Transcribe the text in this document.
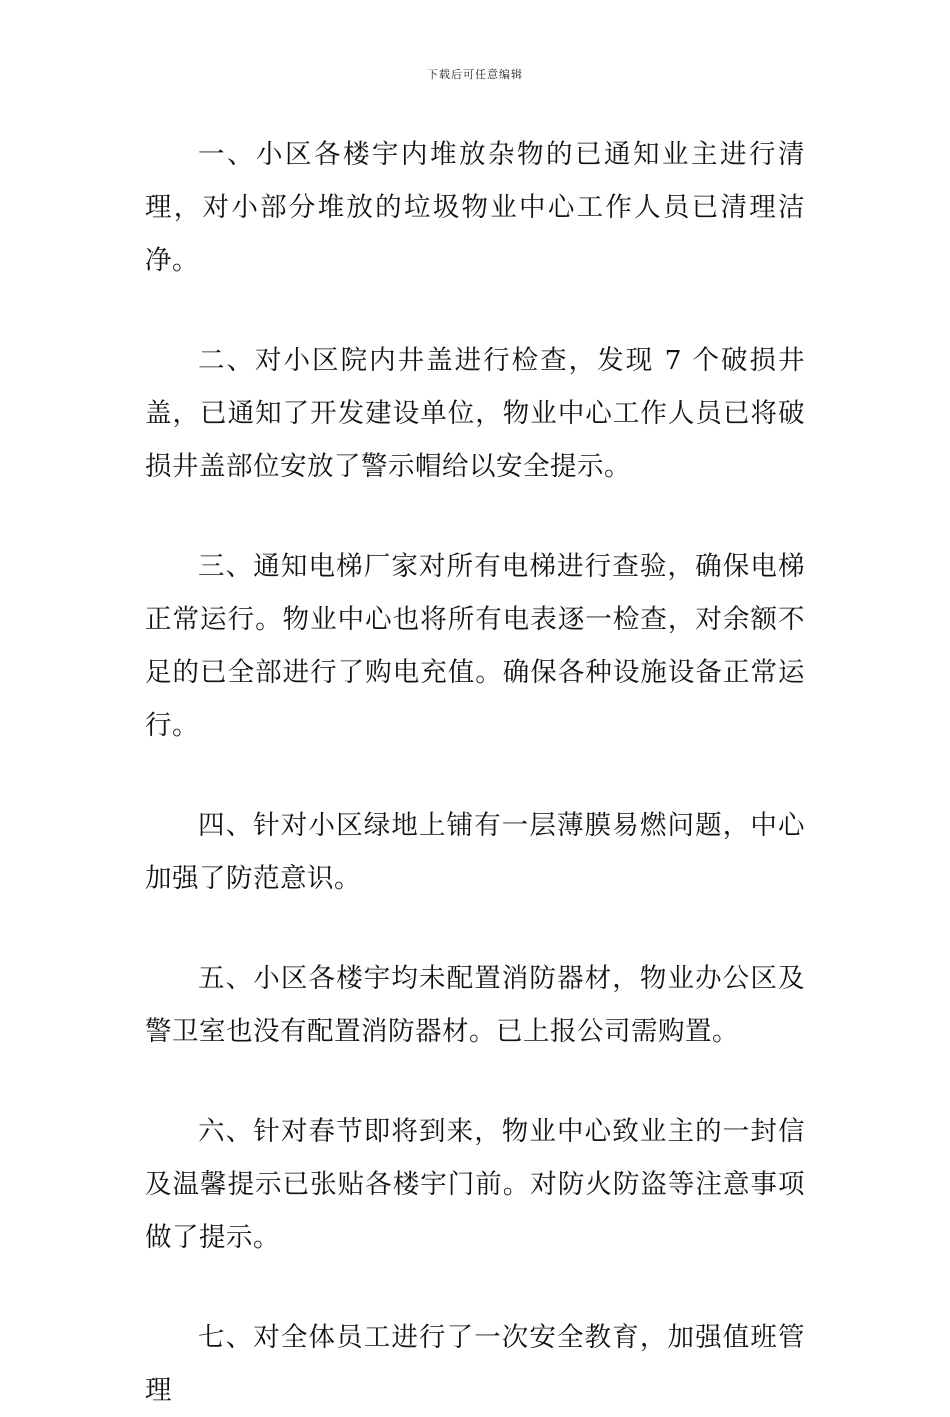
下载后可任意编辑

一、小区各楼宇内堆放杂物的已通知业主进行清理，对小部分堆放的垃圾物业中心工作人员已清理洁净。

二、对小区院内井盖进行检查，发现 7 个破损井盖，已通知了开发建设单位，物业中心工作人员已将破损井盖部位安放了警示帽给以安全提示。

三、通知电梯厂家对所有电梯进行查验，确保电梯正常运行。物业中心也将所有电表逐一检查，对余额不足的已全部进行了购电充值。确保各种设施设备正常运行。

四、针对小区绿地上铺有一层薄膜易燃问题，中心加强了防范意识。

五、小区各楼宇均未配置消防器材，物业办公区及警卫室也没有配置消防器材。已上报公司需购置。

六、针对春节即将到来，物业中心致业主的一封信及温馨提示已张贴各楼宇门前。对防火防盗等注意事项做了提示。

七、对全体员工进行了一次安全教育，加强值班管理
